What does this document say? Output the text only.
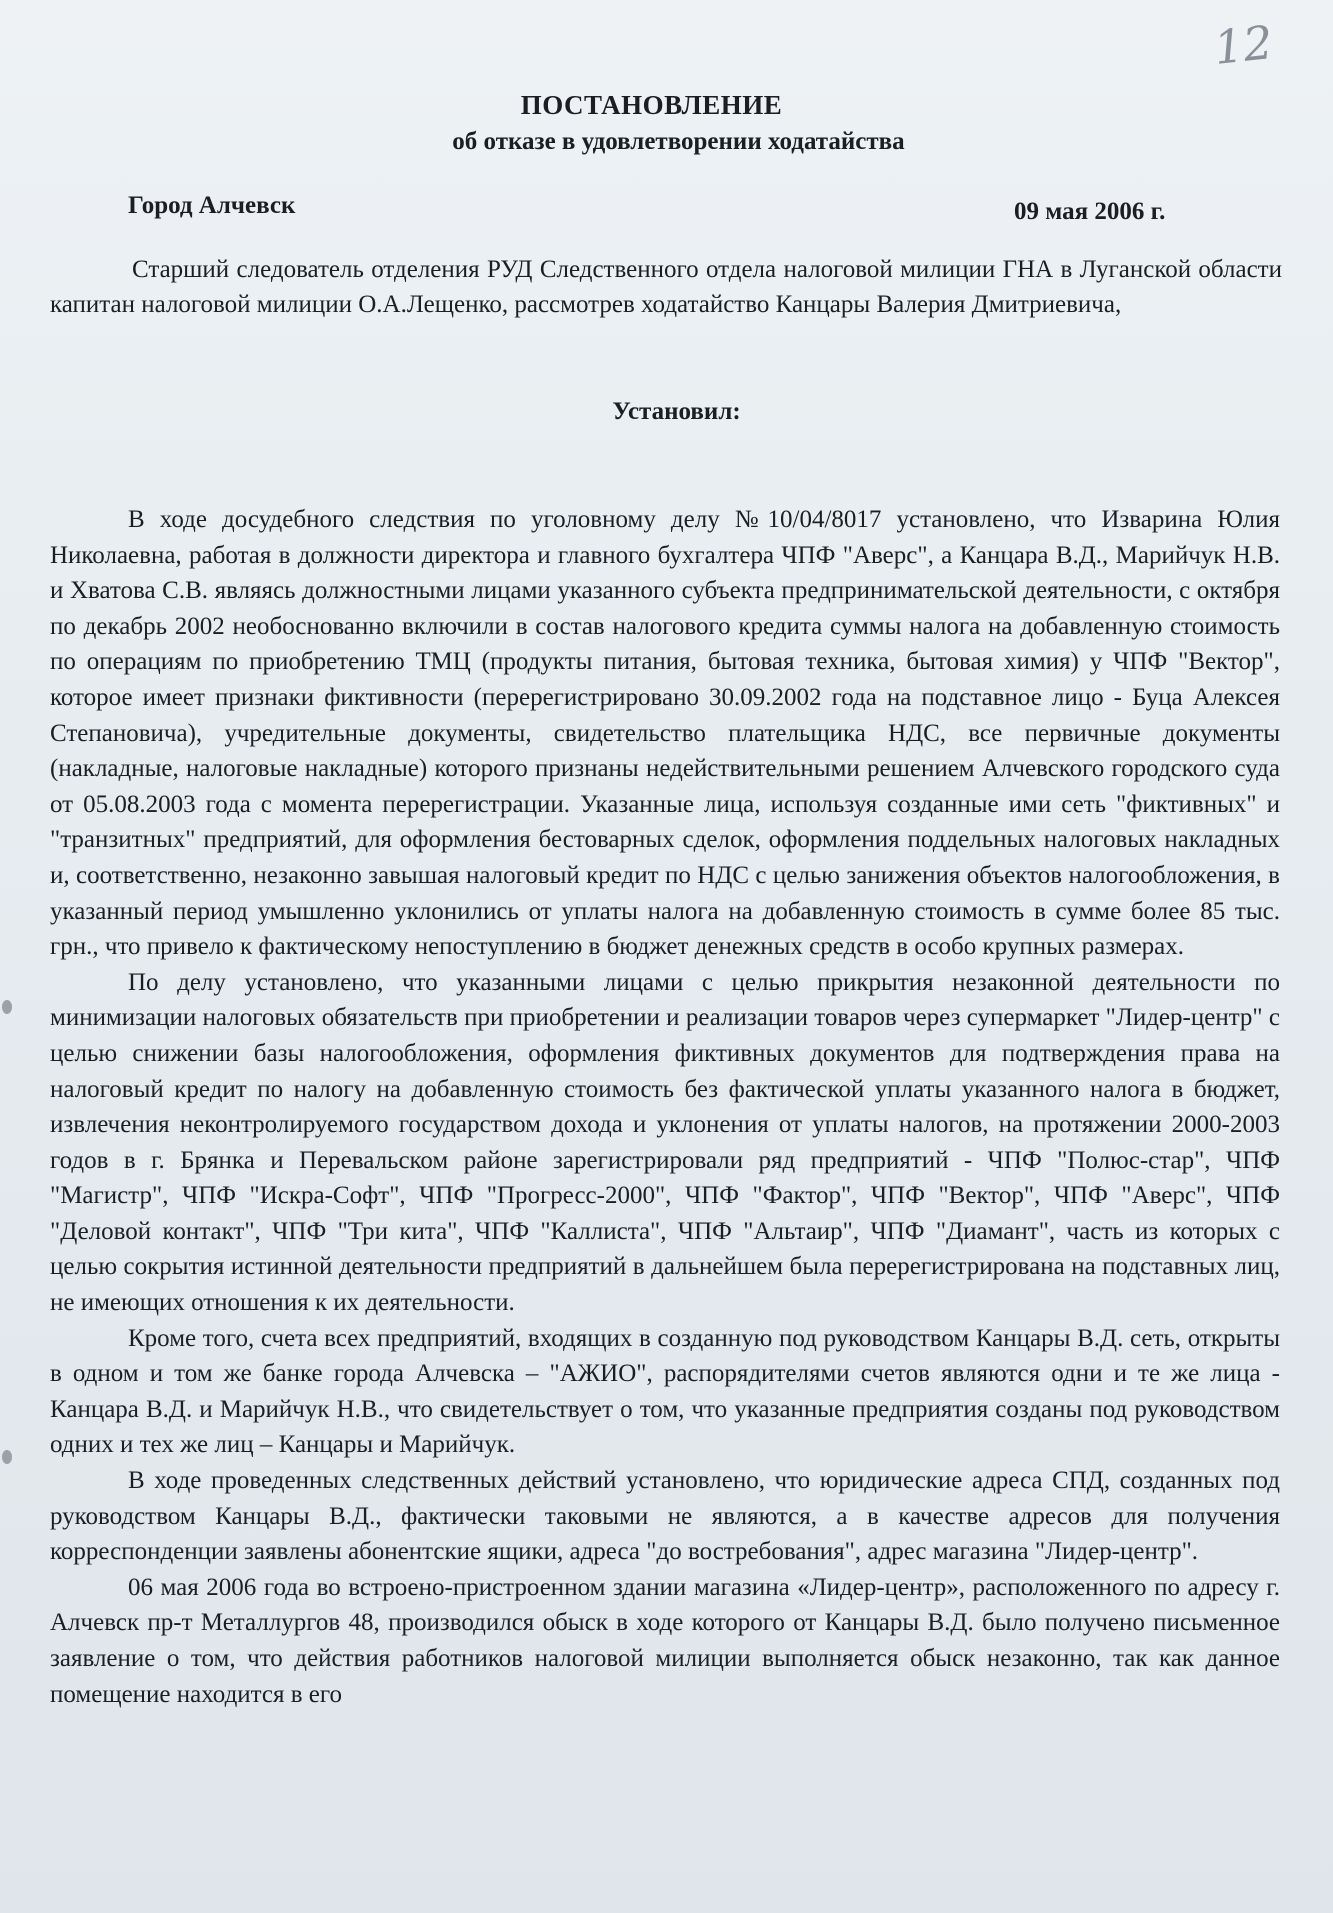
12
ПОСТАНОВЛЕНИЕ
об отказе в удовлетворении ходатайства
Город Алчевск	09 мая 2006 г.

Старший следователь отделения РУД Следственного отдела налоговой милиции ГНА в Луганской области капитан налоговой милиции О.А.Лещенко, рассмотрев ходатайство Канцары Валерия Дмитриевича,

Установил:

В ходе досудебного следствия по уголовному делу №10/04/8017 установлено, что Изварина Юлия Николаевна, работая в должности директора и главного бухгалтера ЧПФ "Аверс", а Канцара В.Д., Марийчук Н.В. и Хватова С.В. являясь должностными лицами указанного субъекта предпринимательской деятельности, с октября по декабрь 2002 необоснованно включили в состав налогового кредита суммы налога на добавленную стоимость по операциям по приобретению ТМЦ (продукты питания, бытовая техника, бытовая химия) у ЧПФ "Вектор", которое имеет признаки фиктивности (перерегистрировано 30.09.2002 года на подставное лицо - Буца Алексея Степановича), учредительные документы, свидетельство плательщика НДС, все первичные документы (накладные, налоговые накладные) которого признаны недействительными решением Алчевского городского суда от 05.08.2003 года с момента перерегистрации. Указанные лица, используя созданные ими сеть "фиктивных" и "транзитных" предприятий, для оформления бестоварных сделок, оформления поддельных налоговых накладных и, соответственно, незаконно завышая налоговый кредит по НДС с целью занижения объектов налогообложения, в указанный период умышленно уклонились от уплаты налога на добавленную стоимость в сумме более 85 тыс. грн., что привело к фактическому непоступлению в бюджет денежных средств в особо крупных размерах.

По делу установлено, что указанными лицами с целью прикрытия незаконной деятельности по минимизации налоговых обязательств при приобретении и реализации товаров через супермаркет "Лидер-центр" с целью снижении базы налогообложения, оформления фиктивных документов для подтверждения права на налоговый кредит по налогу на добавленную стоимость без фактической уплаты указанного налога в бюджет, извлечения неконтролируемого государством дохода и уклонения от уплаты налогов, на протяжении 2000-2003 годов в г. Брянка и Перевальском районе зарегистрировали ряд предприятий - ЧПФ "Полюс-стар", ЧПФ "Магистр", ЧПФ "Искра-Софт", ЧПФ "Прогресс-2000", ЧПФ "Фактор", ЧПФ "Вектор", ЧПФ "Аверс", ЧПФ "Деловой контакт", ЧПФ "Три кита", ЧПФ "Каллиста", ЧПФ "Альтаир", ЧПФ "Диамант", часть из которых с целью сокрытия истинной деятельности предприятий в дальнейшем была перерегистрирована на подставных лиц, не имеющих отношения к их деятельности.

Кроме того, счета всех предприятий, входящих в созданную под руководством Канцары В.Д. сеть, открыты в одном и том же банке города Алчевска – "АЖИО", распорядителями счетов являются одни и те же лица - Канцара В.Д. и Марийчук Н.В., что свидетельствует о том, что указанные предприятия созданы под руководством одних и тех же лиц – Канцары и Марийчук.

В ходе проведенных следственных действий установлено, что юридические адреса СПД, созданных под руководством Канцары В.Д., фактически таковыми не являются, а в качестве адресов для получения корреспонденции заявлены абонентские ящики, адреса "до востребования", адрес магазина "Лидер-центр".

06 мая 2006 года во встроено-пристроенном здании магазина «Лидер-центр», расположенного по адресу г. Алчевск пр-т Металлургов 48, производился обыск в ходе которого от Канцары В.Д. было получено письменное заявление о том, что действия работников налоговой милиции выполняется обыск незаконно, так как данное помещение находится в его
